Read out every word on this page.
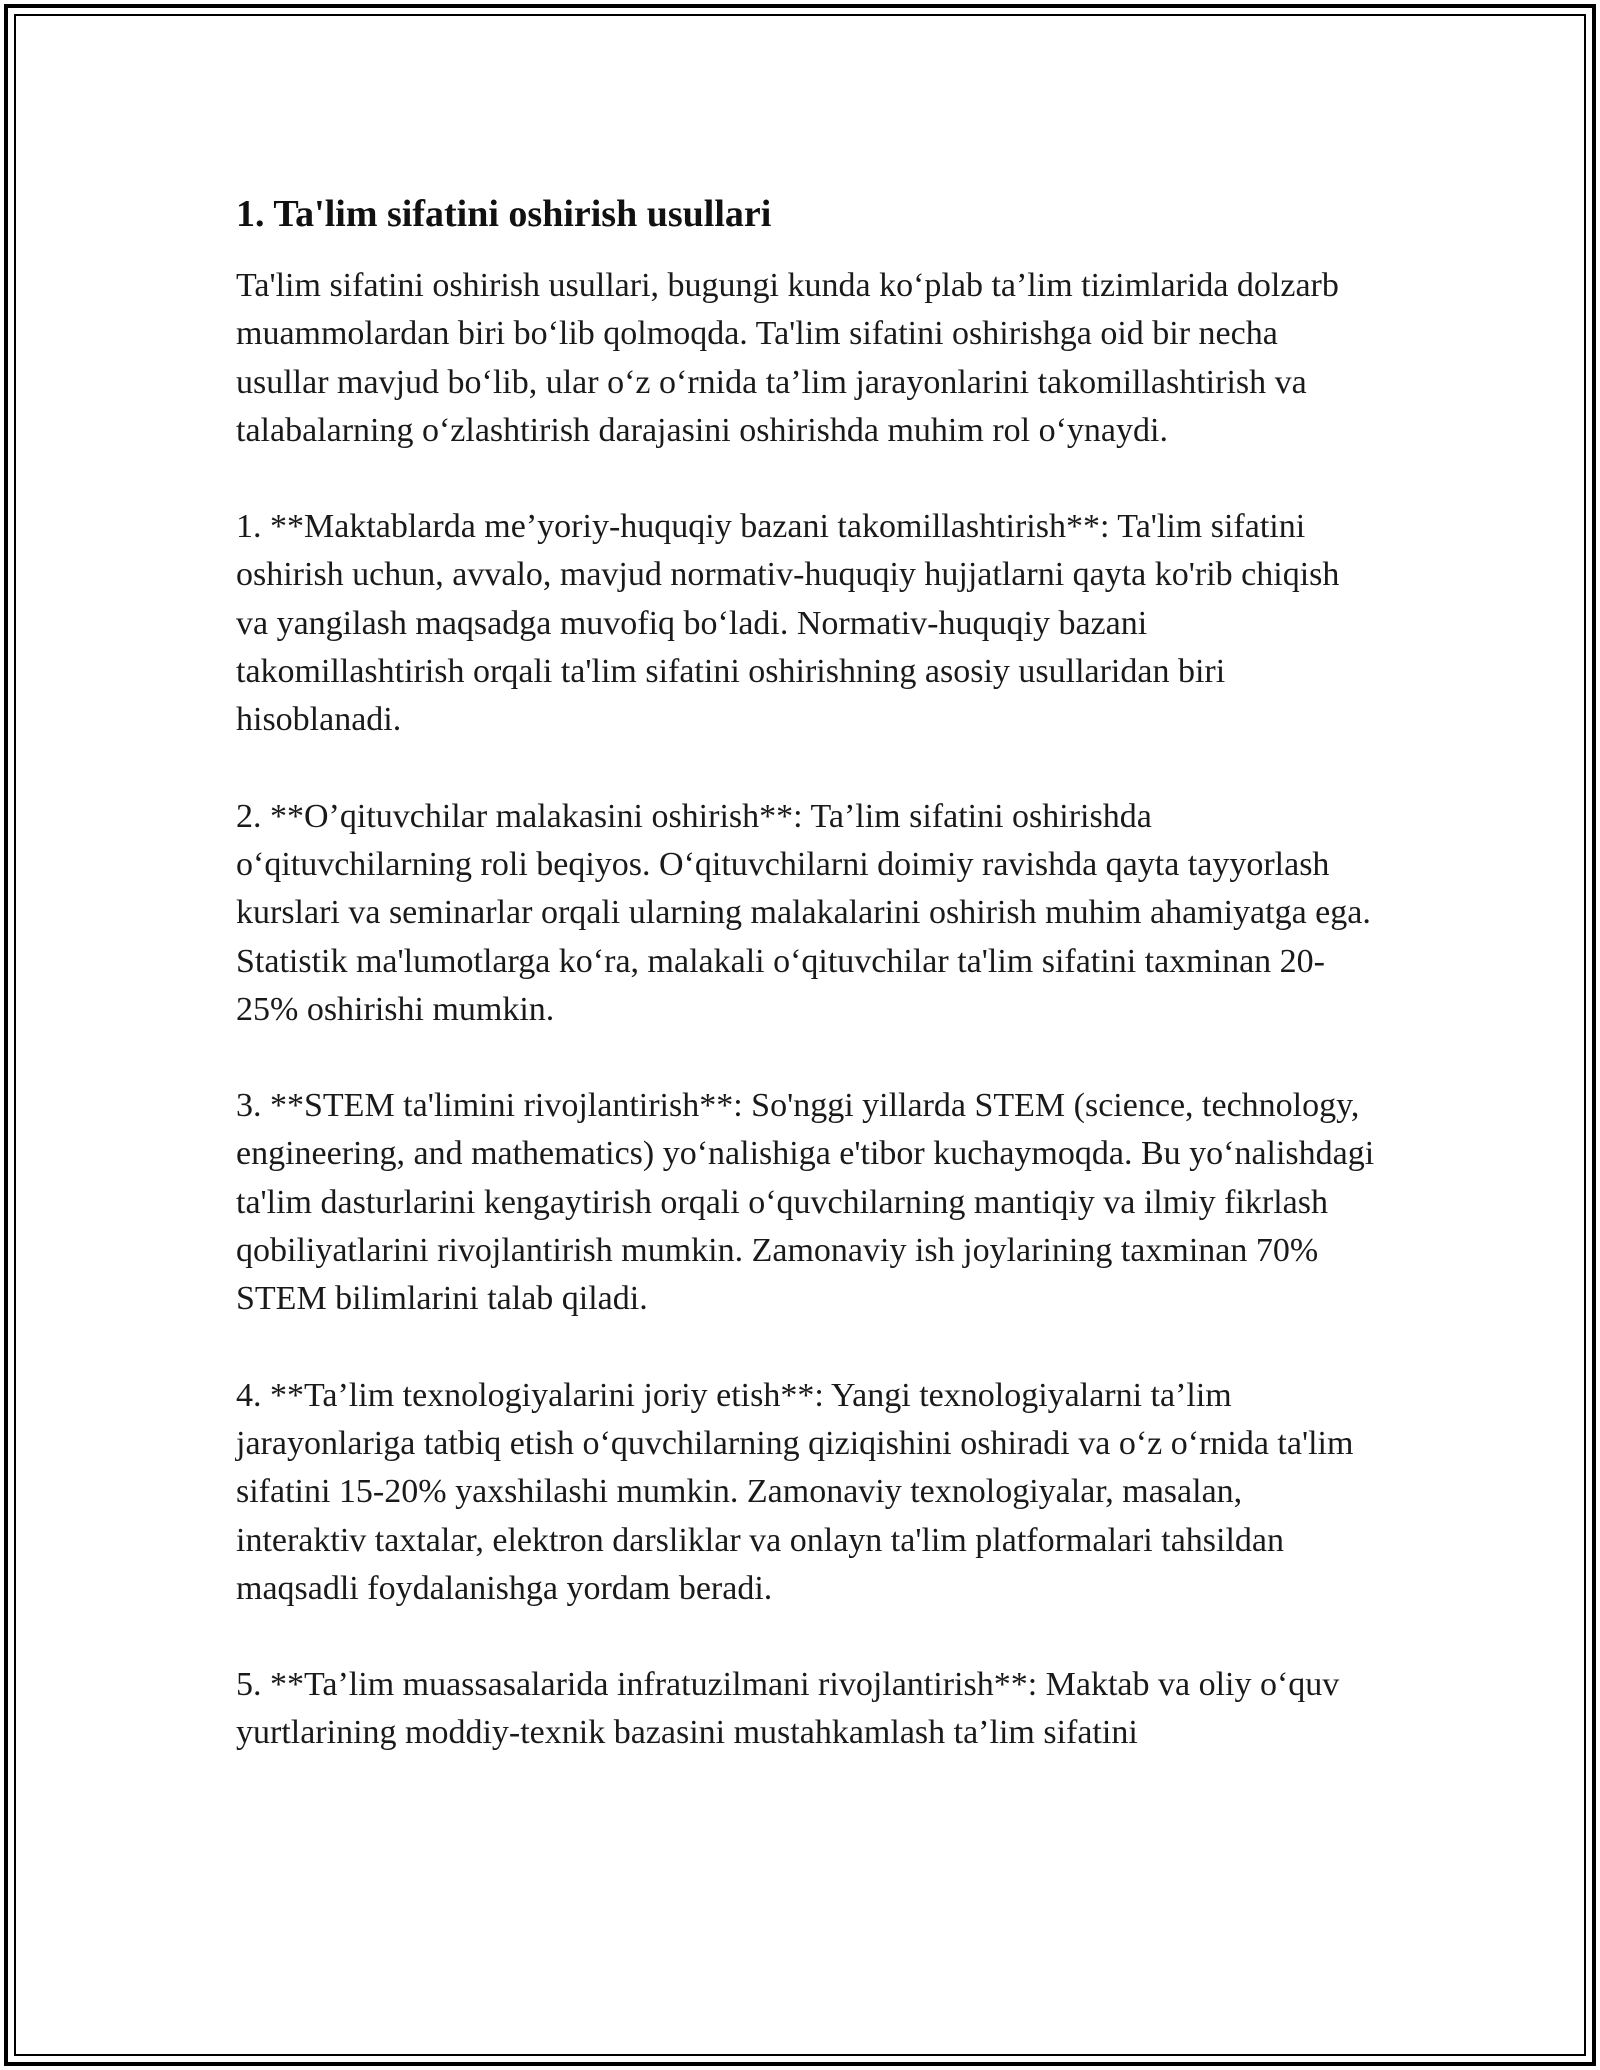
1. Ta'lim sifatini oshirish usullari

Ta'lim sifatini oshirish usullari, bugungi kunda ko‘plab ta’lim tizimlarida dolzarb muammolardan biri bo‘lib qolmoqda. Ta'lim sifatini oshirishga oid bir necha usullar mavjud bo‘lib, ular o‘z o‘rnida ta’lim jarayonlarini takomillashtirish va talabalarning o‘zlashtirish darajasini oshirishda muhim rol o‘ynaydi.

1. **Maktablarda me’yoriy-huquqiy bazani takomillashtirish**: Ta'lim sifatini oshirish uchun, avvalo, mavjud normativ-huquqiy hujjatlarni qayta ko'rib chiqish va yangilash maqsadga muvofiq bo‘ladi. Normativ-huquqiy bazani takomillashtirish orqali ta'lim sifatini oshirishning asosiy usullaridan biri hisoblanadi.

2. **O’qituvchilar malakasini oshirish**: Ta’lim sifatini oshirishda o‘qituvchilarning roli beqiyos. O‘qituvchilarni doimiy ravishda qayta tayyorlash kurslari va seminarlar orqali ularning malakalarini oshirish muhim ahamiyatga ega. Statistik ma'lumotlarga ko‘ra, malakali o‘qituvchilar ta'lim sifatini taxminan 20-25% oshirishi mumkin.

3. **STEM ta'limini rivojlantirish**: So'nggi yillarda STEM (science, technology, engineering, and mathematics) yo‘nalishiga e'tibor kuchaymoqda. Bu yo‘nalishdagi ta'lim dasturlarini kengaytirish orqali o‘quvchilarning mantiqiy va ilmiy fikrlash qobiliyatlarini rivojlantirish mumkin. Zamonaviy ish joylarining taxminan 70% STEM bilimlarini talab qiladi.

4. **Ta’lim texnologiyalarini joriy etish**: Yangi texnologiyalarni ta’lim jarayonlariga tatbiq etish o‘quvchilarning qiziqishini oshiradi va o‘z o‘rnida ta'lim sifatini 15-20% yaxshilashi mumkin. Zamonaviy texnologiyalar, masalan, interaktiv taxtalar, elektron darsliklar va onlayn ta'lim platformalari tahsildan maqsadli foydalanishga yordam beradi.

5. **Ta’lim muassasalarida infratuzilmani rivojlantirish**: Maktab va oliy o‘quv yurtlarining moddiy-texnik bazasini mustahkamlash ta’lim sifatini
